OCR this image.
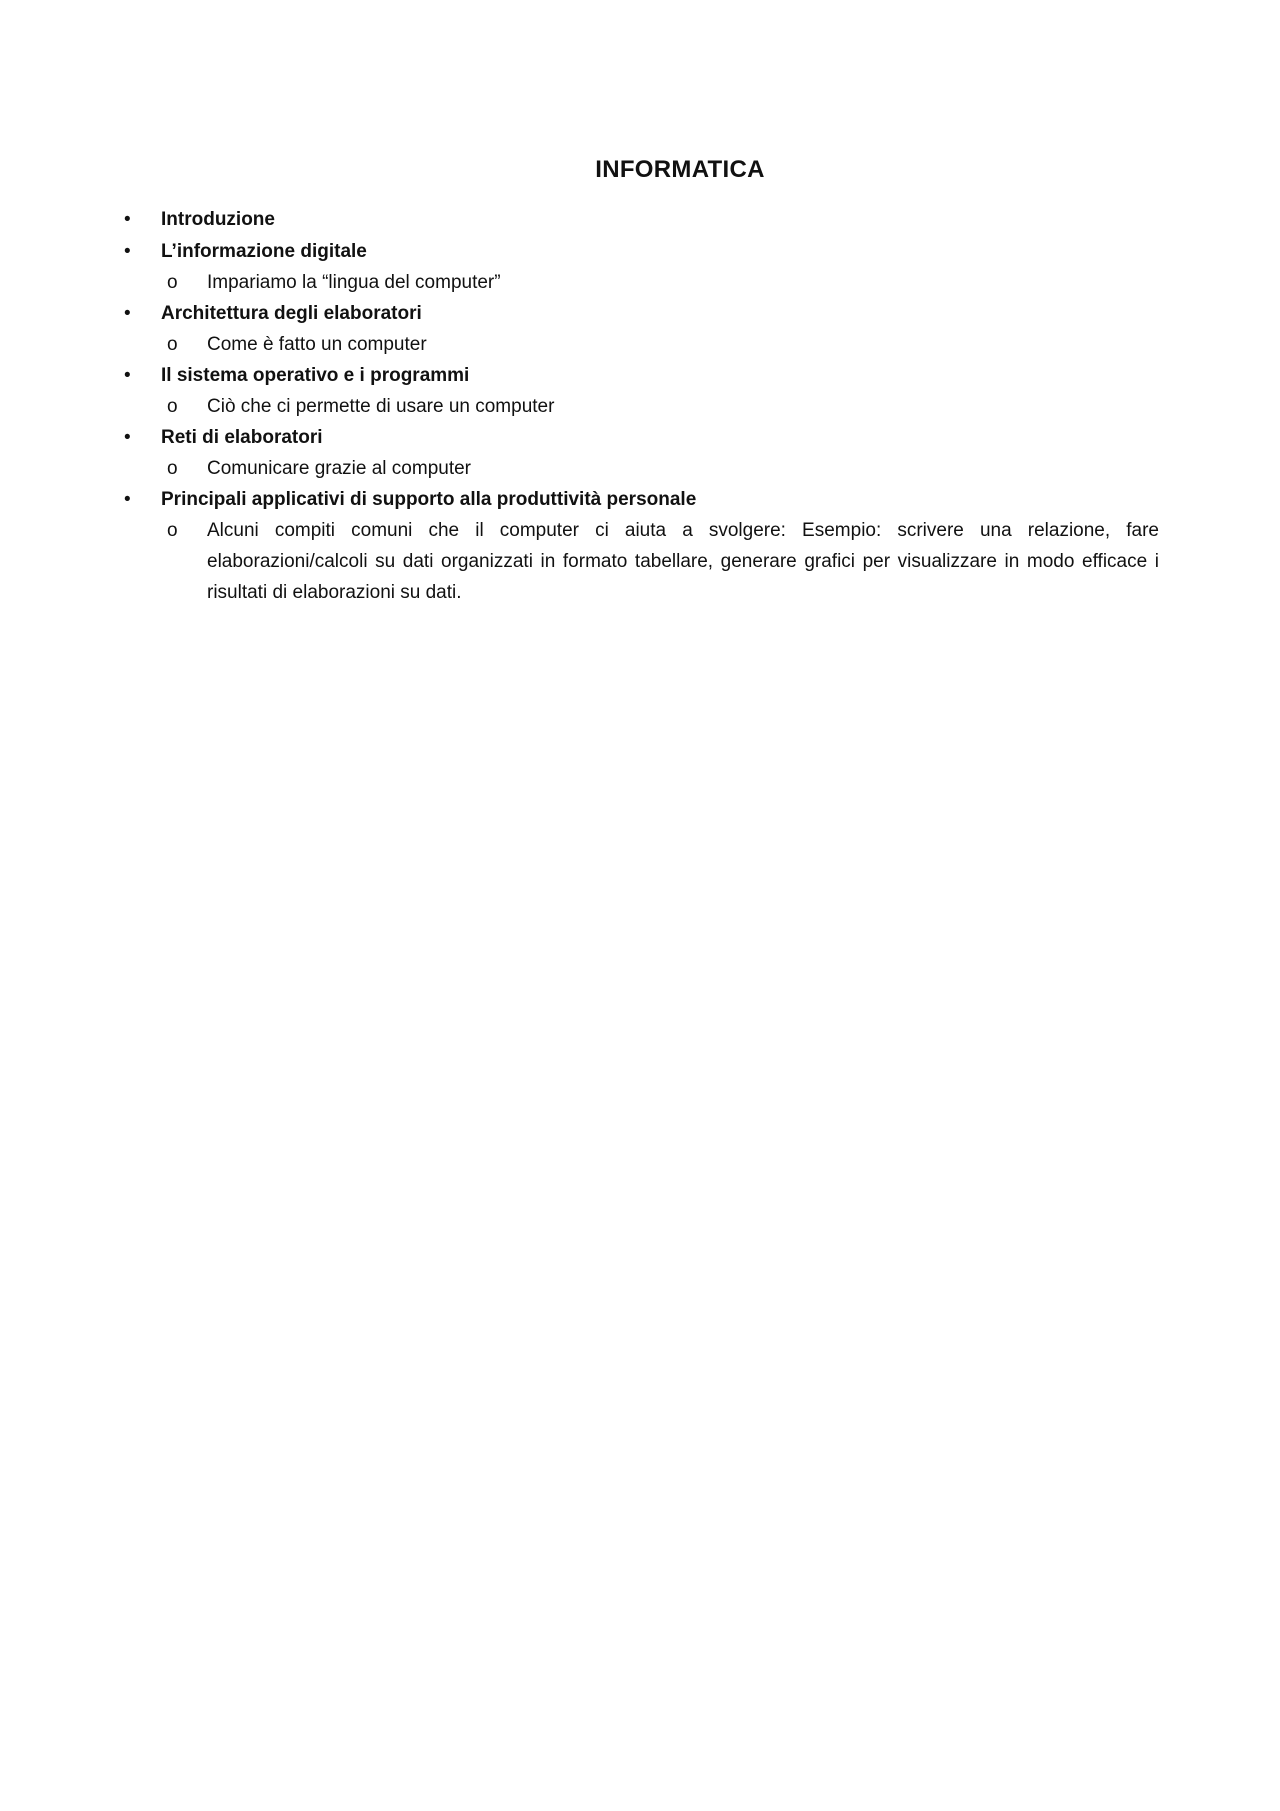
INFORMATICA
• Introduzione
• L’informazione digitale
o Impariamo la “lingua del computer”
• Architettura degli elaboratori
o Come è fatto un computer
• Il sistema operativo e i programmi
o Ciò che ci permette di usare un computer
• Reti di elaboratori
o Comunicare grazie al computer
• Principali applicativi di supporto alla produttività personale
o Alcuni compiti comuni che il computer ci aiuta a svolgere: Esempio: scrivere una relazione, fare elaborazioni/calcoli su dati organizzati in formato tabellare, generare grafici per visualizzare in modo efficace i risultati di elaborazioni su dati.
